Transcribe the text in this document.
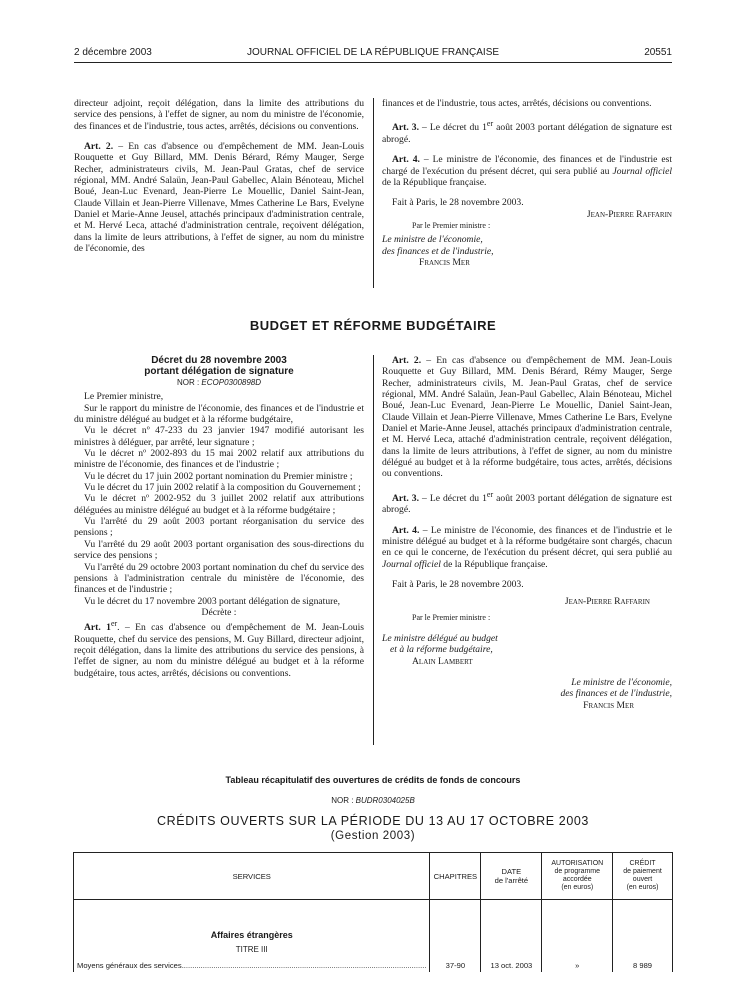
2 décembre 2003	JOURNAL OFFICIEL DE LA RÉPUBLIQUE FRANÇAISE	20551

directeur adjoint, reçoit délégation, dans la limite des attributions du service des pensions, à l'effet de signer, au nom du ministre de l'économie, des finances et de l'industrie, tous actes, arrêtés, décisions ou conventions.

Art. 2. – En cas d'absence ou d'empêchement de MM. Jean-Louis Rouquette et Guy Billard, MM. Denis Bérard, Rémy Mauger, Serge Recher, administrateurs civils, M. Jean-Paul Gratas, chef de service régional, MM. André Salaün, Jean-Paul Gabellec, Alain Bénoteau, Michel Boué, Jean-Luc Evenard, Jean-Pierre Le Mouellic, Daniel Saint-Jean, Claude Villain et Jean-Pierre Villenave, Mmes Catherine Le Bars, Evelyne Daniel et Marie-Anne Jeusel, attachés principaux d'administration centrale, et M. Hervé Leca, attaché d'administration centrale, reçoivent délégation, dans la limite de leurs attributions, à l'effet de signer, au nom du ministre de l'économie, des

finances et de l'industrie, tous actes, arrêtés, décisions ou conventions.

Art. 3. – Le décret du 1er août 2003 portant délégation de signature est abrogé.

Art. 4. – Le ministre de l'économie, des finances et de l'industrie est chargé de l'exécution du présent décret, qui sera publié au Journal officiel de la République française.

Fait à Paris, le 28 novembre 2003.

Jean-Pierre Raffarin

Par le Premier ministre :

Le ministre de l'économie,

des finances et de l'industrie,

Francis Mer

BUDGET ET RÉFORME BUDGÉTAIRE

Décret du 28 novembre 2003

portant délégation de signature

NOR : ECOP0300898D

Le Premier ministre,

Sur le rapport du ministre de l'économie, des finances et de l'industrie et du ministre délégué au budget et à la réforme budgétaire,

Vu le décret nº 47-233 du 23 janvier 1947 modifié autorisant les ministres à déléguer, par arrêté, leur signature ;

Vu le décret nº 2002-893 du 15 mai 2002 relatif aux attributions du ministre de l'économie, des finances et de l'industrie ;

Vu le décret du 17 juin 2002 portant nomination du Premier ministre ;

Vu le décret du 17 juin 2002 relatif à la composition du Gouvernement ;

Vu le décret nº 2002-952 du 3 juillet 2002 relatif aux attributions déléguées au ministre délégué au budget et à la réforme budgétaire ;

Vu l'arrêté du 29 août 2003 portant réorganisation du service des pensions ;

Vu l'arrêté du 29 août 2003 portant organisation des sous-directions du service des pensions ;

Vu l'arrêté du 29 octobre 2003 portant nomination du chef du service des pensions à l'administration centrale du ministère de l'économie, des finances et de l'industrie ;

Vu le décret du 17 novembre 2003 portant délégation de signature,

Décrète :

Art. 1er. – En cas d'absence ou d'empêchement de M. Jean-Louis Rouquette, chef du service des pensions, M. Guy Billard, directeur adjoint, reçoit délégation, dans la limite des attributions du service des pensions, à l'effet de signer, au nom du ministre délégué au budget et à la réforme budgétaire, tous actes, arrêtés, décisions ou conventions.

Art. 2. – En cas d'absence ou d'empêchement de MM. Jean-Louis Rouquette et Guy Billard, MM. Denis Bérard, Rémy Mauger, Serge Recher, administrateurs civils, M. Jean-Paul Gratas, chef de service régional, MM. André Salaün, Jean-Paul Gabellec, Alain Bénoteau, Michel Boué, Jean-Luc Evenard, Jean-Pierre Le Mouellic, Daniel Saint-Jean, Claude Villain et Jean-Pierre Villenave, Mmes Catherine Le Bars, Evelyne Daniel et Marie-Anne Jeusel, attachés principaux d'administration centrale, et M. Hervé Leca, attaché d'administration centrale, reçoivent délégation, dans la limite de leurs attributions, à l'effet de signer, au nom du ministre délégué au budget et à la réforme budgétaire, tous actes, arrêtés, décisions ou conventions.

Art. 3. – Le décret du 1er août 2003 portant délégation de signature est abrogé.

Art. 4. – Le ministre de l'économie, des finances et de l'industrie et le ministre délégué au budget et à la réforme budgétaire sont chargés, chacun en ce qui le concerne, de l'exécution du présent décret, qui sera publié au Journal officiel de la République française.

Fait à Paris, le 28 novembre 2003.

Jean-Pierre Raffarin

Par le Premier ministre :

Le ministre délégué au budget

et à la réforme budgétaire,

Alain Lambert

Le ministre de l'économie,

des finances et de l'industrie,

Francis Mer

Tableau récapitulatif des ouvertures de crédits de fonds de concours
NOR : BUDR0304025B
CRÉDITS OUVERTS SUR LA PÉRIODE DU 13 AU 17 OCTOBRE 2003
(Gestion 2003)
SERVICES	CHAPITRES	DATE
de l'arrêté	AUTORISATION
de programme
accordée
(en euros)	CRÉDIT
de paiement
ouvert
(en euros)
Affaires étrangères				
TITRE III				
Moyens généraux des services....................................................................................................................	37-90	13 oct. 2003	»	8 989
